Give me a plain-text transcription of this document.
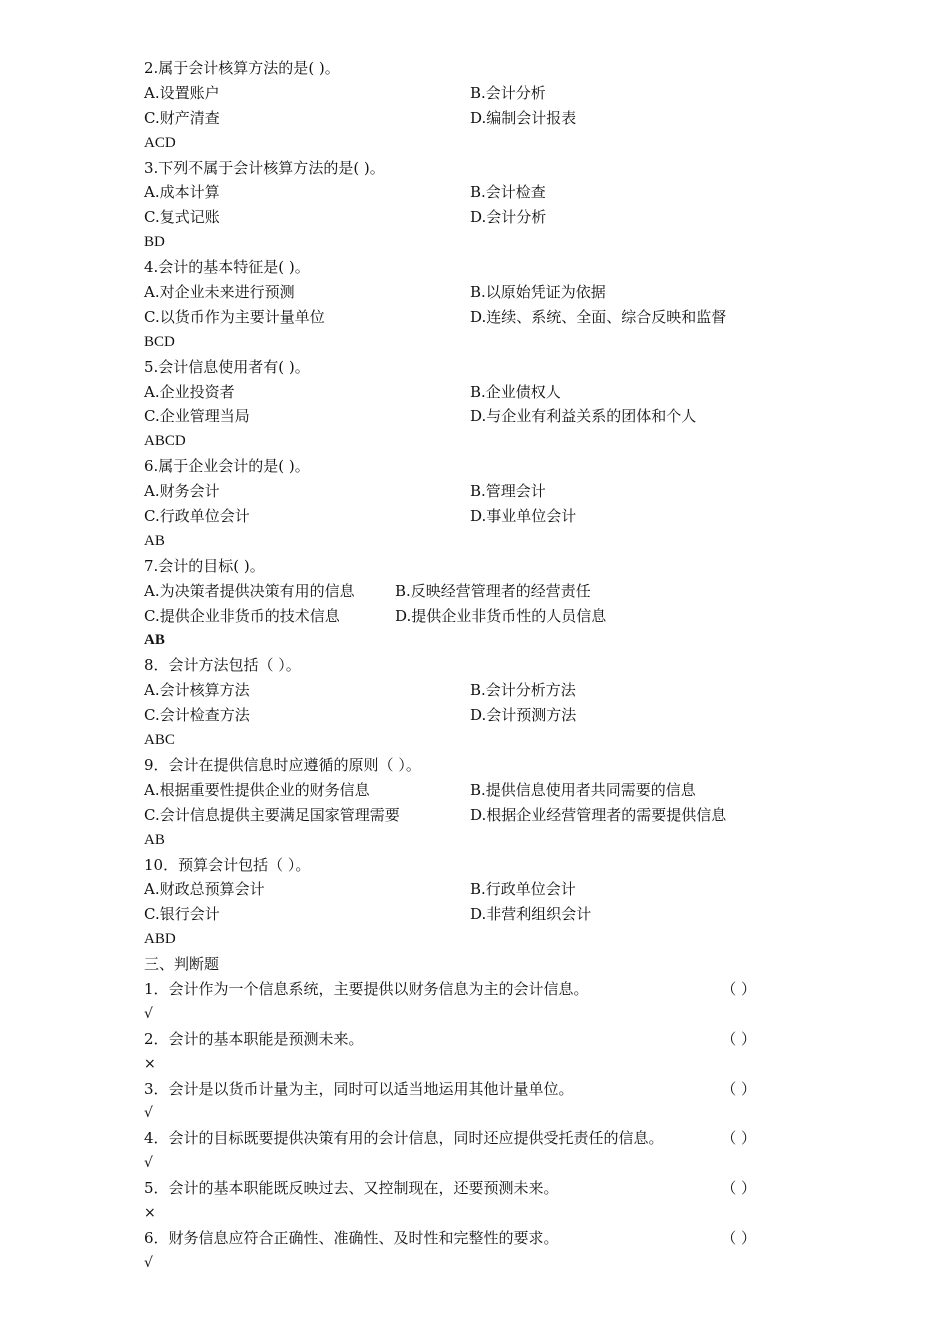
2.属于会计核算方法的是( )。
A.设置账户	B.会计分析
C.财产清查	D.编制会计报表
ACD
3.下列不属于会计核算方法的是( )。
A.成本计算	B.会计检查
C.复式记账	D.会计分析
BD
4.会计的基本特征是( )。
A.对企业未来进行预测	B.以原始凭证为依据
C.以货币作为主要计量单位	D.连续、系统、全面、综合反映和监督
BCD
5.会计信息使用者有( )。
A.企业投资者	B.企业债权人
C.企业管理当局	D.与企业有利益关系的团体和个人
ABCD
6.属于企业会计的是( )。
A.财务会计	B.管理会计
C.行政单位会计	D.事业单位会计
AB
7.会计的目标( )。
A.为决策者提供决策有用的信息	B.反映经营管理者的经营责任
C.提供企业非货币的技术信息	D.提供企业非货币性的人员信息
AB
8．会计方法包括（ ）。
A.会计核算方法	B.会计分析方法
C.会计检查方法	D.会计预测方法
ABC
9．会计在提供信息时应遵循的原则（ ）。
A.根据重要性提供企业的财务信息	B.提供信息使用者共同需要的信息
C.会计信息提供主要满足国家管理需要	D.根据企业经营管理者的需要提供信息
AB
10．预算会计包括（ ）。
A.财政总预算会计	B.行政单位会计
C.银行会计	D.非营利组织会计
ABD
三、判断题
1．会计作为一个信息系统，主要提供以财务信息为主的会计信息。	（ ）
√
2．会计的基本职能是预测未来。	（ ）
×
3．会计是以货币计量为主，同时可以适当地运用其他计量单位。	（ ）
√
4．会计的目标既要提供决策有用的会计信息，同时还应提供受托责任的信息。	（ ）
√
5．会计的基本职能既反映过去、又控制现在，还要预测未来。	（ ）
×
6．财务信息应符合正确性、准确性、及时性和完整性的要求。	（ ）
√
